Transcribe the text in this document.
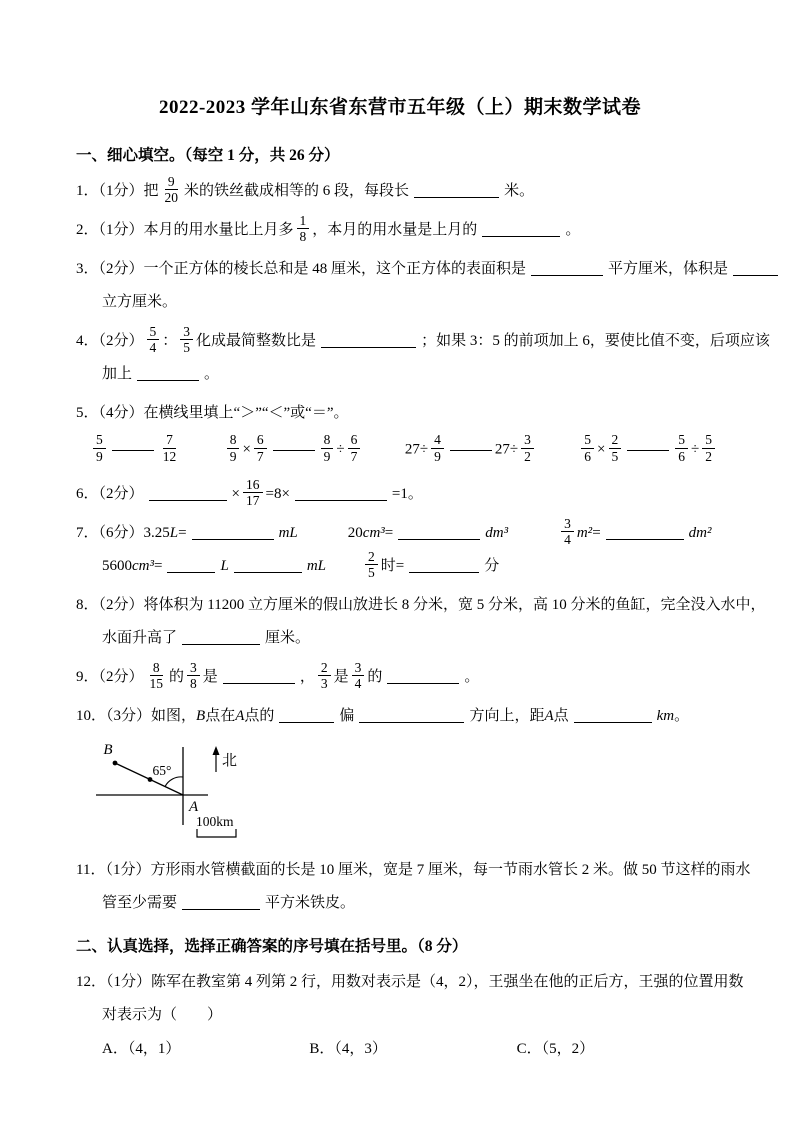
2022-2023 学年山东省东营市五年级（上）期末数学试卷
一、细心填空。（每空 1 分，共 26 分）
1．（1分）把 $\frac{9}{20}$ 米的铁丝截成相等的 6 段，每段长	米。
2．（1分）本月的用水量比上月多 $\frac{1}{8}$ ，本月的用水量是上月的	。
3．（2分）一个正方体的棱长总和是 48 厘米，这个正方体的表面积是	平方厘米，体积是
立方厘米。
4．（2分） $\frac{5}{4}$ ： $\frac{3}{5}$ 化成最简整数比是	；如果 3：5 的前项加上 6，要使比值不变，后项应该
加上	。
5．（4分）在横线里填上“＞”“＜”或“＝”。
$\frac{5}{9}$	$\frac{7}{12}$	$\frac{8}{9} \times \frac{6}{7}$	$\frac{8}{9} \div \frac{6}{7}$	$27\div \frac{4}{9}$	$27\div \frac{3}{2}$	$\frac{5}{6} \times \frac{2}{5}$	$\frac{5}{6} \div \frac{5}{2}$
6．（2分）	× $\frac{16}{17} =8\times$	=1。
7．（6分）3.25L=	mL	20cm³=	dm³	$\frac{3}{4} m^2=$	dm²
5600cm³=	L	mL	$\frac{2}{5}$ 时=	分
8．（2分）将体积为 11200 立方厘米的假山放进长 8 分米，宽 5 分米，高 10 分米的鱼缸，完全没入水中，
水面升高了	厘米。
9．（2分） $\frac{8}{15}$ 的 $\frac{3}{8}$ 是	， $\frac{2}{3}$ 是 $\frac{3}{4}$ 的	。
10．（3分）如图，B点在A点的	偏	方向上，距A点	km。
B
65°
A
北
100km
11．（1分）方形雨水管横截面的长是 10 厘米，宽是 7 厘米，每一节雨水管长 2 米。做 50 节这样的雨水
管至少需要	平方米铁皮。
二、认真选择，选择正确答案的序号填在括号里。（8 分）
12．（1分）陈军在教室第 4 列第 2 行，用数对表示是（4，2），王强坐在他的正后方，王强的位置用数
对表示为（　　）
A．（4，1）	B．（4，3）	C．（5，2）
